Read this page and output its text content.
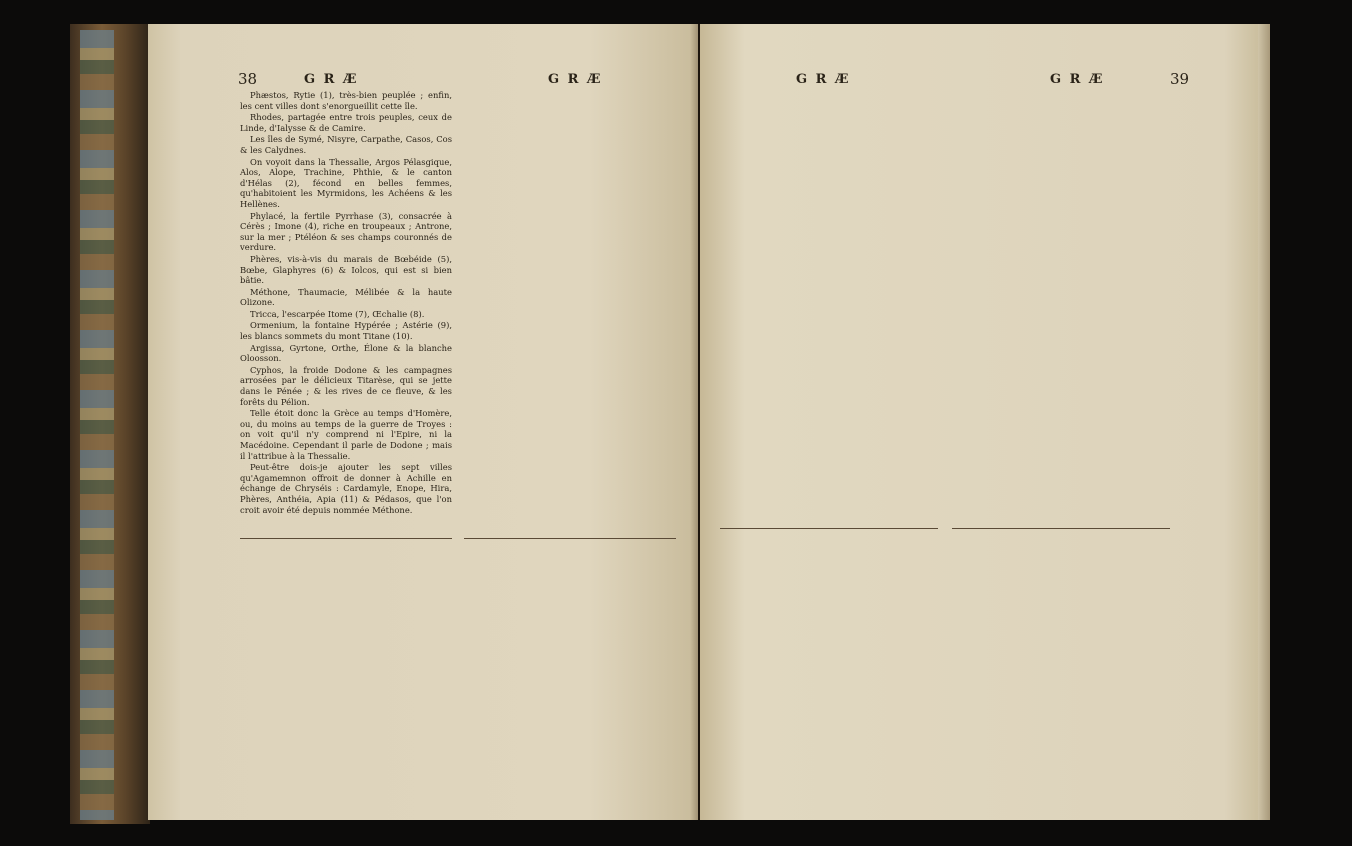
38	G R Æ	G R Æ

Phæstos, Rytie (1), très-bien peuplée ; enfin, les cent villes dont s'enorgueillit cette île.

Rhodes, partagée entre trois peuples, ceux de Linde, d'Ialysse & de Camire.

Les îles de Symé, Nisyre, Carpathe, Casos, Cos & les Calydnes.

On voyoit dans la Thessalie, Argos Pélasgique, Alos, Alope, Trachine, Phthie, & le canton d'Hélas (2), fécond en belles femmes, qu'habitoient les Myrmidons, les Achéens & les Hellènes.

Phylacé, la fertile Pyrrhase (3), consacrée à Cérès ; Imone (4), riche en troupeaux ; Antrone, sur la mer ; Ptéléon & ses champs couronnés de verdure.

Phères, vis-à-vis du marais de Bœbéide (5), Bœbe, Glaphyres (6) & Iolcos, qui est si bien bâtie.

Méthone, Thaumacie, Mélibée & la haute Olizone.

Tricca, l'escarpée Itome (7), Œchalie (8).

Ormenium, la fontaine Hypérée ; Astérie (9), les blancs sommets du mont Titane (10).

Argissa, Gyrtone, Orthe, Élone & la blanche Oloosson.

Cyphos, la froide Dodone & les campagnes arrosées par le délicieux Titarèse, qui se jette dans le Pénée ; & les rives de ce fleuve, & les forêts du Pélion.

Telle étoit donc la Grèce au temps d'Homère, ou, du moins au temps de la guerre de Troyes : on voit qu'il n'y comprend ni l'Epire, ni la Macédoine. Cependant il parle de Dodone ; mais il l'attribue à la Thessalie.

Peut-être dois-je ajouter les sept villes qu'Agamemnon offroit de donner à Achille en échange de Chryséis : Cardamyle, Enope, Hira, Phères, Anthéia, Apia (11) & Pédasos, que l'on croit avoir été depuis nommée Méthone.

G R Æ	G R Æ	39
